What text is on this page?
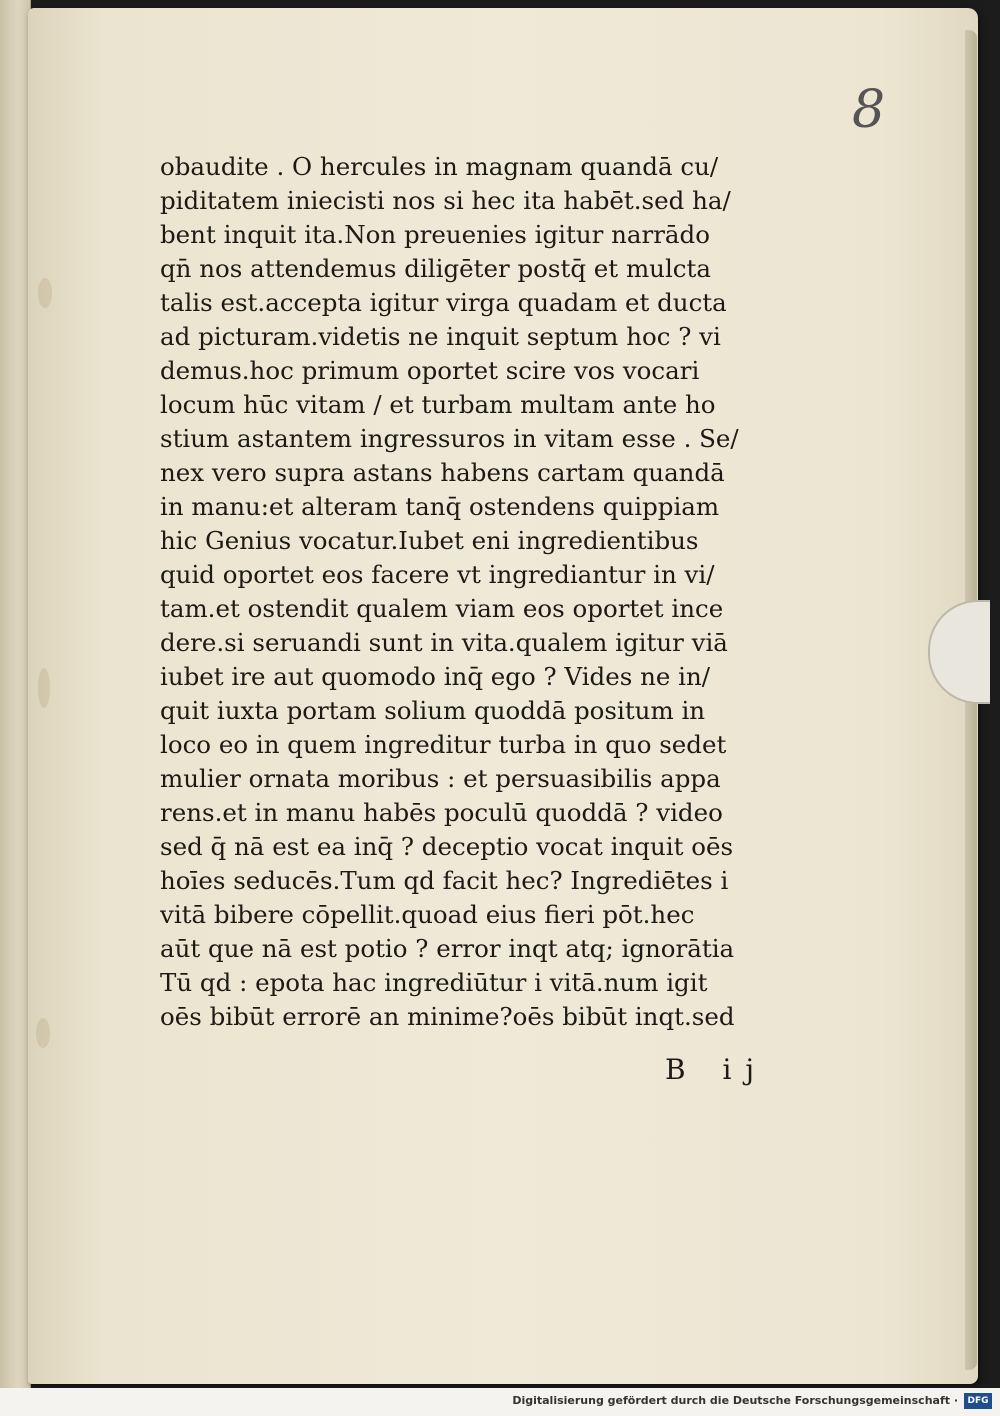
8
obaudite . O hercules in magnam quandā cu/
piditatem iniecisti nos si hec ita habēt.sed ha/
bent inquit ita.Non preuenies igitur narrādo
qn̄ nos attendemus diligēter postq̄ et mulcta
talis est.accepta igitur virga quadam et ducta
ad picturam.videtis ne inquit septum hoc ? vi
demus.hoc primum oportet scire vos vocari
locum hūc vitam / et turbam multam ante ho
stium astantem ingressuros in vitam esse . Se/
nex vero supra astans habens cartam quandā
in manu:et alteram tanq̄ ostendens quippiam
hic Genius vocatur.Iubet eni ingredientibus
quid oportet eos facere vt ingrediantur in vi/
tam.et ostendit qualem viam eos oportet ince
dere.si seruandi sunt in vita.qualem igitur viā
iubet ire aut quomodo inq̄ ego ? Vides ne in/
quit iuxta portam solium quoddā positum in
loco eo in quem ingreditur turba in quo sedet
mulier ornata moribus : et persuasibilis appa
rens.et in manu habēs poculū quoddā ? video
sed q̄ nā est ea inq̄ ? deceptio vocat inquit oēs
hoīes seducēs.Tum qd facit hec? Ingrediētes i
vitā bibere cōpellit.quoad eius fieri pōt.hec
aūt que nā est potio ? error inqt atq; ignorātia
Tū qd : epota hac ingrediūtur i vitā.num igit
oēs bibūt errorē an minime?oēs bibūt inqt.sed
B ij
Digitalisierung gefördert durch die Deutsche Forschungsgemeinschaft ·	DFG
